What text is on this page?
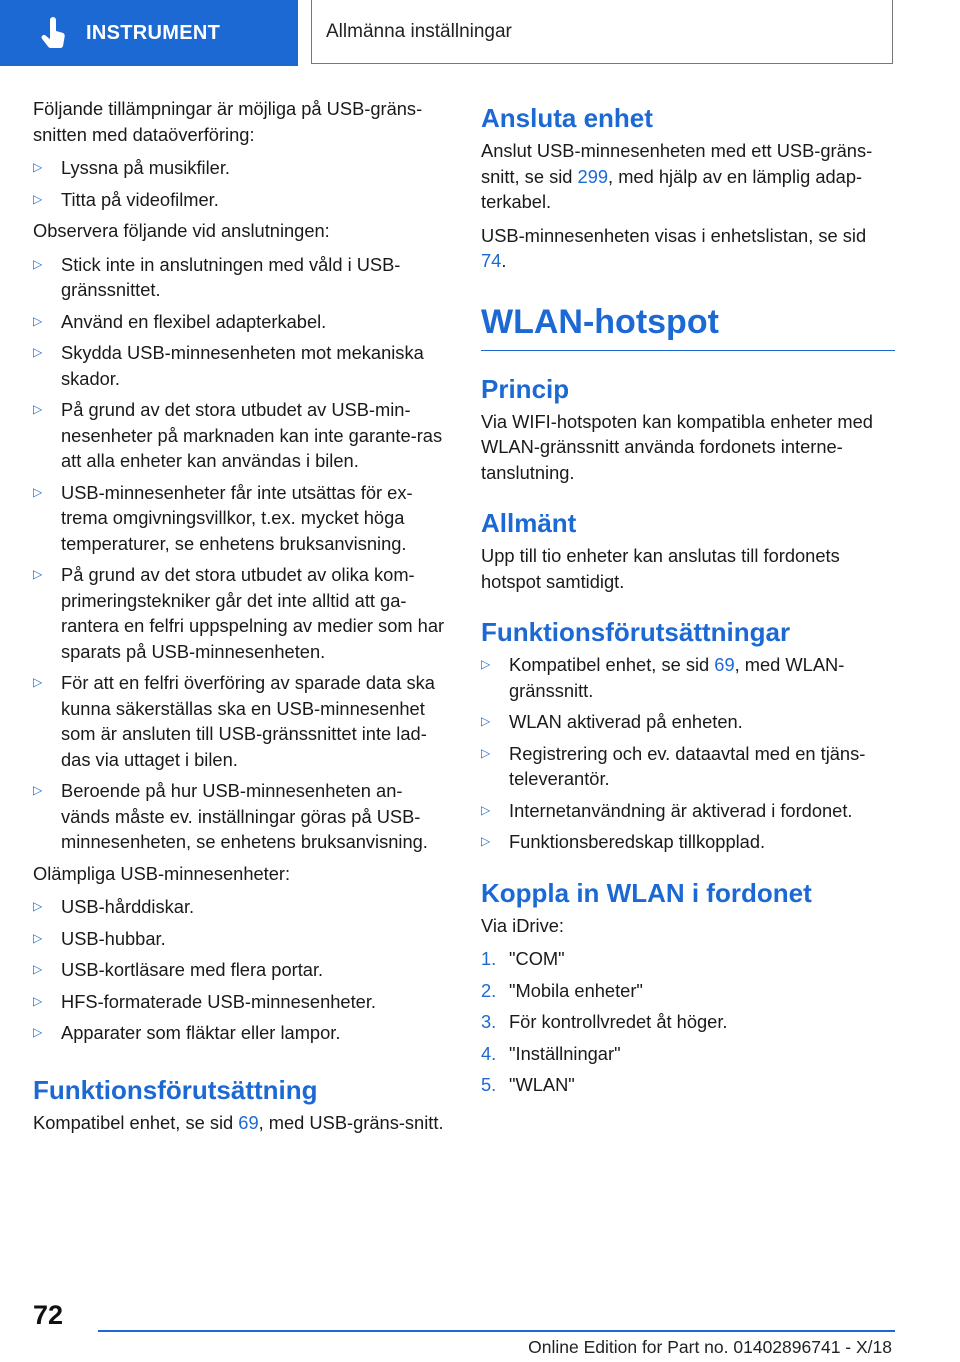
INSTRUMENT	Allmänna inställningar

Följande tillämpningar är möjliga på USB-gräns-snitten med dataöverföring:

▷	Lyssna på musikfiler.
▷	Titta på videofilmer.

Observera följande vid anslutningen:

▷	Stick inte in anslutningen med våld i USB-gränssnittet.
▷	Använd en flexibel adapterkabel.
▷	Skydda USB-minnesenheten mot mekaniska skador.
▷	På grund av det stora utbudet av USB-min-nesenheter på marknaden kan inte garante-ras att alla enheter kan användas i bilen.
▷	USB-minnesenheter får inte utsättas för ex-trema omgivningsvillkor, t.ex. mycket höga temperaturer, se enhetens bruksanvisning.
▷	På grund av det stora utbudet av olika kom-primeringstekniker går det inte alltid att ga-rantera en felfri uppspelning av medier som har sparats på USB-minnesenheten.
▷	För att en felfri överföring av sparade data ska kunna säkerställas ska en USB-minnesenhet som är ansluten till USB-gränssnittet inte lad-das via uttaget i bilen.
▷	Beroende på hur USB-minnesenheten an-vänds måste ev. inställningar göras på USB-minnesenheten, se enhetens bruksanvisning.

Olämpliga USB-minnesenheter:

▷	USB-hårddiskar.
▷	USB-hubbar.
▷	USB-kortläsare med flera portar.
▷	HFS-formaterade USB-minnesenheter.
▷	Apparater som fläktar eller lampor.
Funktionsförutsättning

Kompatibel enhet, se sid 69, med USB-gräns-snitt.

Ansluta enhet

Anslut USB-minnesenheten med ett USB-gräns-snitt, se sid 299, med hjälp av en lämplig adap-terkabel.

USB-minnesenheten visas i enhetslistan, se sid 74.

WLAN-hotspot
Princip

Via WIFI-hotspoten kan kompatibla enheter med WLAN-gränssnitt använda fordonets interne-tanslutning.

Allmänt

Upp till tio enheter kan anslutas till fordonets hotspot samtidigt.

Funktionsförutsättningar
▷	Kompatibel enhet, se sid 69, med WLAN-gränssnitt.
▷	WLAN aktiverad på enheten.
▷	Registrering och ev. dataavtal med en tjäns-televerantör.
▷	Internetanvändning är aktiverad i fordonet.
▷	Funktionsberedskap tillkopplad.
Koppla in WLAN i fordonet

Via iDrive:

1. "COM"
2. "Mobila enheter"
3. För kontrollvredet åt höger.
4. "Inställningar"
5. "WLAN"
72
Online Edition for Part no. 01402896741 - X/18
